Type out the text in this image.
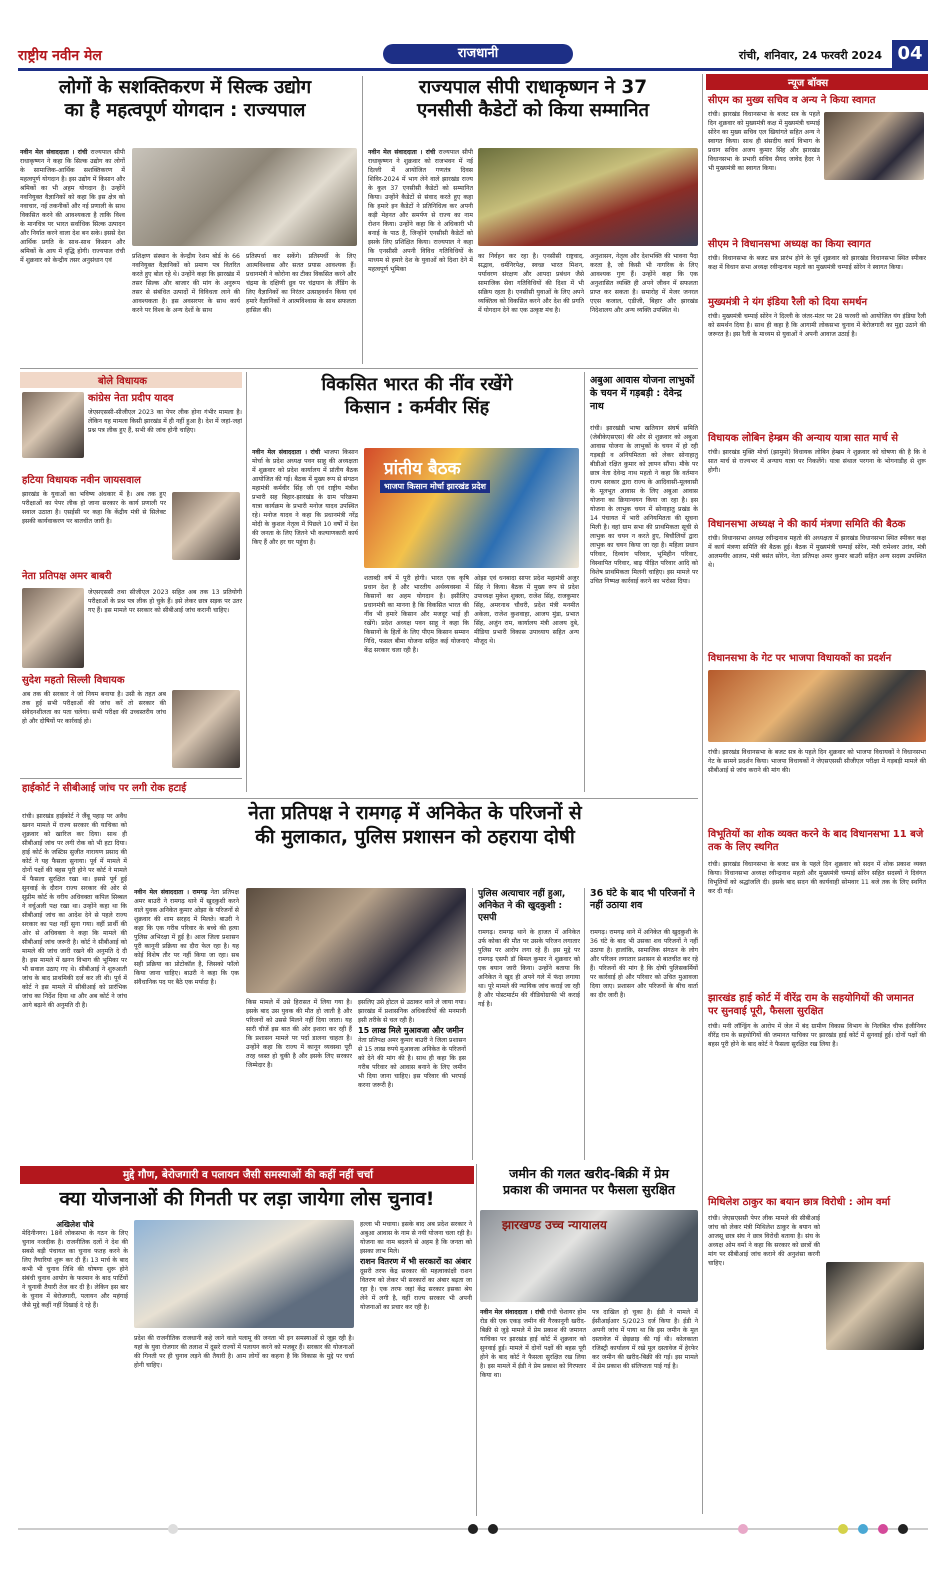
राष्ट्रीय नवीन मेल	राजधानी	रांची, शनिवार, 24 फरवरी 2024 04
लोगों के सशक्तिकरण में सिल्क उद्योग
का है महत्वपूर्ण योगदान : राज्यपाल
नवीन मेल संवाददाता । रांची राज्यपाल सीपी राधाकृष्णन ने कहा कि सिल्क उद्योग का लोगों के सामाजिक-आर्थिक सशक्तिकरण में महत्वपूर्ण योगदान है। इस उद्योग में किसान और श्रमिकों का भी अहम योगदान है। उन्होंने नवनियुक्त वैज्ञानिकों को कहा कि इस क्षेत्र को नवाचार, नई तकनीकों और नई प्रणाली के साथ विकसित करने की आवश्यकता है ताकि विश्व के मानचित्र पर भारत सर्वाधिक सिल्क उत्पादन और निर्यात करने वाला देश बन सके। इससे देश आर्थिक प्रगति के साथ-साथ किसान और श्रमिकों के आय में वृद्धि होगी। राज्यपाल रांची में शुक्रवार को केन्द्रीय तसर अनुसंधान एवं
प्रशिक्षण संस्थान के केन्द्रीय रेशम बोर्ड के 66 नवनियुक्त वैज्ञानिकों को प्रमाण पत्र वितरित करते हुए बोल रहे थे। उन्होंने कहा कि झारखंड में तसर सिल्क और बाजार की मांग के अनुरूप तसर से संबंधित उत्पादों में विविधता लाने की आवश्यकता है। इस अवसरपर के साथ कार्य करने पर विश्व के अन्य देशों के साथ
प्रतिस्पर्धा कर सकेंगे। प्रतिस्पर्धी के लिए आत्मविश्वास और सतत प्रयास आवश्यक हैं। प्रधानमंत्री ने कोरोना का टीका विकसित करने और चंद्रमा के दक्षिणी ध्रुव पर चंद्रयान के लैंडिंग के लिए वैज्ञानिकों का निरंतर उत्साहवर्धन किया एवं हमारे वैज्ञानिकों ने आत्मविश्वास के साथ सफलता हासिल की।
राज्यपाल सीपी राधाकृष्णन ने 37
एनसीसी कैडेटों को किया सम्मानित
नवीन मेल संवाददाता । रांची राज्यपाल सीपी राधाकृष्णन ने शुक्रवार को राजभवन में नई दिल्ली में आयोजित गणतंत्र दिवस शिविर-2024 में भाग लेने वाले झारखंड राज्य के कुल 37 एनसीसी कैडेटों को सम्मानित किया। उन्होंने कैडेटों से संवाद करते हुए कहा कि हमारे इन कैडेटों ने प्रतिनिधित्व कर अपनी कड़ी मेहनत और समर्पण से राज्य का नाम रोशन किया। उन्होंने कहा कि वे अधिकारी भी बनाई के पाठ हैं, जिन्होंने एनसीसी कैडेटों को इसके लिए प्रशिक्षित किया। राज्यपाल ने कहा कि एनसीसी अपनी विविध गतिविधियों के माध्यम से हमारे देश के युवाओं को दिशा देने में महत्वपूर्ण भूमिका
का निर्वहन कर रहा है। एनसीसी राष्ट्रवाद, सद्भाव, धर्मनिरपेक्ष, स्वच्छ भारत मिशन, पर्यावरण संरक्षण और आपदा प्रबंधन जैसे सामाजिक सेवा गतिविधियों की दिशा में भी सक्रिय रहता है। एनसीसी युवाओं के लिए अपने व्यक्तित्व को विकसित करने और देश की प्रगति में योगदान देने का एक उत्कृष्ट मंच है।
अनुशासन, नेतृत्व और देशभक्ति की भावना पैदा करता है, जो किसी भी नागरिक के लिए आवश्यक गुण हैं। उन्होंने कहा कि एक अनुशासित व्यक्ति ही अपने जीवन में सफलता प्राप्त कर सकता है। समारोह में मेजर जनरल एएस कजाल, एडीजी, बिहार और झारखंड निदेशालय और अन्य व्यक्ति उपस्थित थे।
न्यूज बॉक्स
सीएम का मुख्य सचिव व अन्य ने किया स्वागत
रांची। झारखंड विधानसभा के बजट सत्र के पहले दिन शुक्रवार को मुख्यमंत्री कक्ष में मुख्यमंत्री चम्पाई सोरेन का मुख्य सचिव एल खियांगते सहित अन्य ने स्वागत किया। साथ ही संसदीय कार्य विभाग के प्रधान सचिव अजय कुमार सिंह और झारखंड विधानसभा के प्रभारी सचिव सैयद जावेद हैदर ने भी मुख्यमंत्री का स्वागत किया।
सीएम ने विधानसभा अध्यक्ष का किया स्वागत
रांची। विधानसभा के बजट सत्र प्रारंभ होने के पूर्व शुक्रवार को झारखंड विधानसभा स्थित स्पीकर कक्ष में विधान सभा अध्यक्ष रवीन्द्रनाथ महतो का मुख्यमंत्री चम्पाई सोरेन ने स्वागत किया।
मुख्यमंत्री ने यंग इंडिया रैली को दिया समर्थन
रांची। मुख्यमंत्री चम्पाई सोरेन ने दिल्ली के जंतर-मंतर पर 28 फरवरी को आयोजित यंग इंडिया रैली को समर्थन दिया है। साथ ही कहा है कि आगामी लोकसभा चुनाव में बेरोजगारी का मुद्दा उठाने की जरूरत है। इस रैली के माध्यम से युवाओं ने अपनी आवाज उठाई है।
विधायक लोबिन हेम्ब्रम की अन्याय यात्रा सात मार्च से
रांची। झारखंड मुक्ति मोर्चा (झामुमो) विधायक लोबिन हेम्ब्रम ने शुक्रवार को घोषणा की है कि वे सात मार्च से राज्यभर में अन्याय यात्रा पर निकलेंगे। यात्रा संथाल परगना के भोगनाडीह से शुरू होगी।
विधानसभा अध्यक्ष ने की कार्य मंत्रणा समिति की बैठक
रांची। विधानसभा अध्यक्ष रवीन्द्रनाथ महतो की अध्यक्षता में झारखंड विधानसभा स्थित स्पीकर कक्ष में कार्य मंत्रणा समिति की बैठक हुई। बैठक में मुख्यमंत्री चम्पाई सोरेन, मंत्री रामेश्वर उरांव, मंत्री आलमगीर आलम, मंत्री बसंत सोरेन, नेता प्रतिपक्ष अमर कुमार बाउरी सहित अन्य सदस्य उपस्थित थे।
विधानसभा के गेट पर भाजपा विधायकों का प्रदर्शन
रांची। झारखंड विधानसभा के बजट सत्र के पहले दिन शुक्रवार को भाजपा विधायकों ने विधानसभा गेट के सामने प्रदर्शन किया। भाजपा विधायकों ने जेएसएससी सीजीएल परीक्षा में गड़बड़ी मामले की सीबीआई से जांच कराने की मांग की।
विभूतियों का शोक व्यक्त करने के बाद विधानसभा 11 बजे तक के लिए स्थगित
रांची। झारखंड विधानसभा के बजट सत्र के पहले दिन शुक्रवार को सदन में शोक प्रकाश व्यक्त किया। विधानसभा अध्यक्ष रवीन्द्रनाथ महतो और मुख्यमंत्री चम्पाई सोरेन सहित सदस्यों ने दिवंगत विभूतियों को श्रद्धांजलि दी। इसके बाद सदन की कार्यवाही सोमवार 11 बजे तक के लिए स्थगित कर दी गई।
झारखंड हाई कोर्ट में वीरेंद्र राम के सहयोगियों की जमानत पर सुनवाई पूरी, फैसला सुरक्षित
रांची। मनी लॉन्ड्रिंग के आरोप में जेल में बंद ग्रामीण विकास विभाग के निलंबित चीफ इंजीनियर वीरेंद्र राम के सहयोगियों की जमानत याचिका पर झारखंड हाई कोर्ट में सुनवाई हुई। दोनों पक्षों की बहस पूरी होने के बाद कोर्ट ने फैसला सुरक्षित रख लिया है।
मिथिलेश ठाकुर का बयान छात्र विरोधी : ओम वर्मा
रांची। जेएसएससी पेपर लीक मामले की सीबीआई जांच को लेकर मंत्री मिथिलेश ठाकुर के बयान को आजसू छात्र संघ ने छात्र विरोधी बताया है। संघ के अध्यक्ष ओम वर्मा ने कहा कि सरकार को छात्रों की मांग पर सीबीआई जांच कराने की अनुशंसा करनी चाहिए।
बोले विधायक
कांग्रेस नेता प्रदीप यादव
जेएसएससी-सीजीएल 2023 का पेपर लीक होना गंभीर मामला है। लेकिन यह मामला किसी झारखंड में ही नहीं हुआ है। देश में जहां-जहां प्रश्न पत्र लीक हुए हैं, सभी की जांच होनी चाहिए।
हटिया विधायक नवीन जायसवाल
झारखंड के युवाओं का भविष्य अंधकार में है। अब तक हुए परीक्षाओं का पेपर लीक हो जाना सरकार के कार्य प्रणाली पर सवाल उठाता है। एसईसी पर कहा कि केंद्रीय मंत्री से सिलेक्ट इसकी कार्यवाकरण पर बातचीत जारी है।
नेता प्रतिपक्ष अमर बाबरी
जेएसएससी तथा सीजीएल 2023 सहित अब तक 13 प्रतियोगी परीक्षाओं के प्रश्न पत्र लीक हो चुके हैं। इसे लेकर छात्र सड़क पर उतर गए हैं। इस मामले पर सरकार को सीबीआई जांच करानी चाहिए।
सुदेश महतो सिल्ली विधायक
अब तक की सरकार ने जो नियम बनाया है। उसी के तहत अब तक हुई सभी परीक्षाओं की जांच करें तो सरकार की संवेदनशीलता का पता चलेगा। सभी परीक्षा की उच्चस्तरीय जांच हो और दोषियों पर कार्रवाई हो।
विकसित भारत की नींव रखेंगे
किसान : कर्मवीर सिंह
नवीन मेल संवाददाता । रांची भाजपा किसान मोर्चा के प्रदेश अध्यक्ष पवन साहू की अध्यक्षता में शुक्रवार को प्रदेश कार्यालय में प्रांतीय बैठक आयोजित की गई। बैठक में मुख्य रूप से संगठन महामंत्री कर्मवीर सिंह जी एवं राष्ट्रीय मंत्रीश प्रभारी सह बिहार-झारखंड के ग्राम परिक्रमा यात्रा कार्यक्रम के प्रभारी मनोज यादव उपस्थित रहे। मनोज यादव ने कहा कि प्रधानमंत्री नरेंद्र मोदी के कुशल नेतृत्व में पिछले 10 वर्षों में देश की जनता के लिए जितने भी कल्याणकारी कार्य किए हैं और हर घर पहुंचा है।
प्रांतीय बैठक
भाजपा किसान मोर्चा झारखंड प्रदेश
शताब्दी वर्ष में पूरी होगी। भारत एक कृषि प्रधान देश है और भारतीय अर्थव्यवस्था में किसानों का अहम योगदान है। इसीलिए प्रधानमंत्री का मानना है कि विकसित भारत की नींव भी हमारे किसान और मजदूर भाई ही रखेंगे। प्रदेश अध्यक्ष पवन साहू ने कहा कि किसानों के हितों के लिए पीएम किसान सम्मान निधि, फसल बीमा योजना सहित कई योजनाएं केंद्र सरकार चला रही है।
ओझा एवं धनबादा सापर प्रदेश महामंत्री अजुर सिंह ने किया। बैठक में मुख्य रूप से प्रदेश उपाध्यक्ष मुकेश शुक्ला, राजेश सिंह, राजकुमार सिंह, अमरनाथ चौधरी, प्रदेश मंत्री मनमीत अकेला, राजेश कुशवाहा, आजय मुंडा, प्रभात सिंह, अजुंन राम, कार्यालय मंत्री आजय दुबे, मीडिया प्रभारी विकास उपाध्याय सहित अन्य मौजूद थे।
अबुआ आवास योजना लाभुकों के चयन में गड़बड़ी : देवेन्द्र नाथ
रांची। झारखंडी भाषा खतियान संघर्ष समिति (जेबीकेएसएस) की ओर से शुक्रवार को अबुआ आवास योजना के लाभुकों के चयन में हो रही गड़बड़ी व अनियमितता को लेकर सोनाहातु बीडीओ रक्षित कुमार को ज्ञापन सौंपा। मौके पर छात्र नेता देवेन्द्र नाथ महतो ने कहा कि वर्तमान राज्य सरकार द्वारा राज्य के आदिवासी-मूलवासी के मूलभूत आवास के लिए अबुआ आवास योजना का क्रियान्वयन किया जा रहा है। इस योजना के लाभुक चयन में सोनाहातु प्रखंड के 14 पंचायत में भारी अनियमितता की सूचना मिली है। वहां ग्राम सभा की प्राथमिकता सूची से लाभुक का चयन न करते हुए, बिचौलियों द्वारा लाभुक का चयन किया जा रहा है। महिला प्रधान परिवार, दिव्यांग परिवार, भूमिहीन परिवार, विस्थापित परिवार, बाढ़ पीड़ित परिवार आदि को विशेष प्राथमिकता मिलनी चाहिए। इस मामले पर उचित निष्पक्ष कार्रवाई करने का भरोसा दिया।
हाईकोर्ट ने सीबीआई जांच पर लगी रोक हटाई
रांची। झारखंड हाईकोर्ट ने जैंबू पहाड़ पर अवैध खनन मामले में राज्य सरकार की याचिका को शुक्रवार को खारिज कर दिया। साथ ही सीबीआई जांच पर लगी रोक को भी हटा दिया। हाई कोर्ट के जस्टिस सुजीत नारायण प्रसाद की कोर्ट ने यह फैसला सुनाया। पूर्व में मामले में दोनों पक्षों की बहस पूरी होने पर कोर्ट ने मामले में फैसला सुरक्षित रखा था। इससे पूर्व हुई सुनवाई के दौरान राज्य सरकार की ओर से सुप्रीम कोर्ट के वरीय अधिवक्ता कपिल सिब्बल ने वर्चुअली पक्ष रखा था। उन्होंने कहा था कि सीबीआई जांच का आदेश देने से पहले राज्य सरकार का पक्ष नहीं सुना गया। वहीं प्रार्थी की ओर से अधिवक्ता ने कहा कि मामले की सीबीआई जांच जरूरी है। कोर्ट ने सीबीआई को मामले की जांच जारी रखने की अनुमति दे दी है। इस मामले में खनन विभाग की भूमिका पर भी सवाल उठाए गए थे। सीबीआई ने शुरुआती जांच के बाद प्राथमिकी दर्ज कर ली थी। पूर्व में कोर्ट ने इस मामले में सीबीआई को प्रारंभिक जांच का निर्देश दिया था और अब कोर्ट ने जांच आगे बढ़ाने की अनुमति दी है।
नेता प्रतिपक्ष ने रामगढ़ में अनिकेत के परिजनों से
की मुलाकात, पुलिस प्रशासन को ठहराया दोषी
नवीन मेल संवाददाता । रामगढ़ नेता प्रतिपक्ष अमर बाउरी ने रामगढ़ थाने में खुदकुशी करने वाले युवक अनिकेत कुमार ओझा के परिजनों से शुक्रवार की शाम सरहद में मिलते। बाउरी ने कहा कि एक गरीब परिवार के बच्चे की हत्या पुलिस अभिरक्षा में हुई है। आज जिला प्रशासन पूरी कानूनी प्रक्रिया का दौरा फेल रहा है। यह कोई विशेष तौर पर नहीं किया जा रहा। सब सही प्रक्रिया का प्रोटोकॉल है, जिसको फॉलो किया जाना चाहिए। बाउरी ने कहा कि एक संवैधानिक पद पर बैठे एक मर्यादा है।
किस मामले में उसे हिरासत में लिया गया है। इसके बाद उस युवक की मौत हो जाती है और परिजनों को उससे मिलने नहीं दिया जाता। यह सारी चीजें इस बात की ओर इशारा कर रही हैं कि प्रशासन मामले पर पर्दा डालना चाहता है। उन्होंने कहा कि राज्य में कानून व्यवस्था पूरी तरह ध्वस्त हो चुकी है और इसके लिए सरकार जिम्मेदार है।
इसलिए उसे होटल से उठाकर थाने ले जाया गया। झारखंड में प्रशासनिक अधिकारियों की मनमानी इसी तरीके से चल रही है।
15 लाख मिले मुआवजा और जमीन
नेता प्रतिपक्ष अमर कुमार बाउरी ने जिला प्रशासन से 15 लाख रुपये मुआवजा अनिकेत के परिजनों को देने की मांग की है। साथ ही कहा कि इस गरीब परिवार को आवास बनाने के लिए जमीन भी दिया जाना चाहिए। इस परिवार की भरपाई करना जरूरी है।
पुलिस अत्याचार नहीं हुआ, अनिकेत ने की खुदकुशी : एसपी
रामगढ़। रामगढ़ थाने के हाजत में अनिकेत उर्फ कोका की मौत पर उसके परिजन लगातार पुलिस पर आरोप लगा रहे हैं। इस मुद्दे पर रामगढ़ एसपी डॉ बिमल कुमार ने शुक्रवार को एक बयान जारी किया। उन्होंने बताया कि अनिकेत ने खुद ही अपने गले में फंदा लगाया था। पूरे मामले की न्यायिक जांच कराई जा रही है और पोस्टमार्टम की वीडियोग्राफी भी कराई गई है।
36 घंटे के बाद भी परिजनों ने नहीं उठाया शव
रामगढ़। रामगढ़ थाने में अनिकेत की खुदकुशी के 36 घंटे के बाद भी उसका शव परिजनों ने नहीं उठाया है। हालांकि, सामाजिक संगठन के लोग और परिजन लगातार प्रशासन से बातचीत कर रहे हैं। परिजनों की मांग है कि दोषी पुलिसकर्मियों पर कार्रवाई हो और परिवार को उचित मुआवजा दिया जाए। प्रशासन और परिजनों के बीच वार्ता का दौर जारी है।
मुद्दे गौण, बेरोजगारी व पलायन जैसी समस्याओं की कहीं नहीं चर्चा
क्या योजनाओं की गिनती पर लड़ा जायेगा लोस चुनाव!
अखिलेश चौबे
मेदिनीनगर। 18वें लोकसभा के गठन के लिए चुनाव नजदीक है। राजनीतिक दलों ने देश की सबसे बड़ी पंचायत का चुनाव फतह करने के लिए तैयारियां शुरू कर दी हैं। 13 मार्च के बाद कभी भी चुनाव तिथि की घोषणा शुरू होने संबंधी चुनाव आयोग के फरमान के बाद पार्टियों ने चुनावी तैयारी तेज कर दी है। लेकिन इस बार के चुनाव में बेरोजगारी, पलायन और महंगाई जैसे मुद्दे कहीं नहीं दिखाई दे रहे हैं।
प्रदेश की राजनीतिक राजधानी कहे जाने वाले पलामू की जनता भी इन समस्याओं से जूझ रही है। यहां के युवा रोजगार की तलाश में दूसरे राज्यों में पलायन करने को मजबूर हैं। सरकार की योजनाओं की गिनती पर ही चुनाव लड़ने की तैयारी है। आम लोगों का कहना है कि विकास के मुद्दे पर चर्चा होनी चाहिए।
हल्ला भी मचाया। इसके बाद अब प्रदेश सरकार ने अबुआ आवास के नाम से नयी योजना चला रही है। योजना का नाम बदलने से अहम है कि जनता को इसका लाभ मिले।
राशन वितरण में भी सरकारों का अंबार
दूसरी तरफ केंद्र सरकार की महत्वाकांक्षी राशन वितरण को लेकर भी सरकारों का अंबार बढ़ता जा रहा है। एक तरफ जहां केंद्र सरकार इसका श्रेय लेने में लगी है, वहीं राज्य सरकार भी अपनी योजनाओं का प्रचार कर रही है।
जमीन की गलत खरीद-बिक्री में प्रेम
प्रकाश की जमानत पर फैसला सुरक्षित
झारखण्ड उच्च न्यायालय
नवीन मेल संवाददाता । रांची रांची चेशायर होम रोड की एक एकड़ जमीन की गैरकानूनी खरीद-बिक्री से जुड़े मामले में प्रेम प्रकाश की जमानत याचिका पर झारखंड हाई कोर्ट में शुक्रवार को सुनवाई हुई। मामले में दोनों पक्षों की बहस पूरी होने के बाद कोर्ट ने फैसला सुरक्षित रख लिया है। इस मामले में ईडी ने प्रेम प्रकाश को गिरफ्तार किया था।
पत्र दाखिल हो चुका है। ईडी ने मामले में ईसीआईआर 5/2023 दर्ज किया है। ईडी ने अपनी जांच में पाया था कि इस जमीन के मूल दस्तावेज में छेड़छाड़ की गई थी। कोलकाता रजिस्ट्री कार्यालय में रखे मूल दस्तावेज में हेरफेर कर जमीन की खरीद-बिक्री की गई। इस मामले में प्रेम प्रकाश की संलिप्तता पाई गई है।
